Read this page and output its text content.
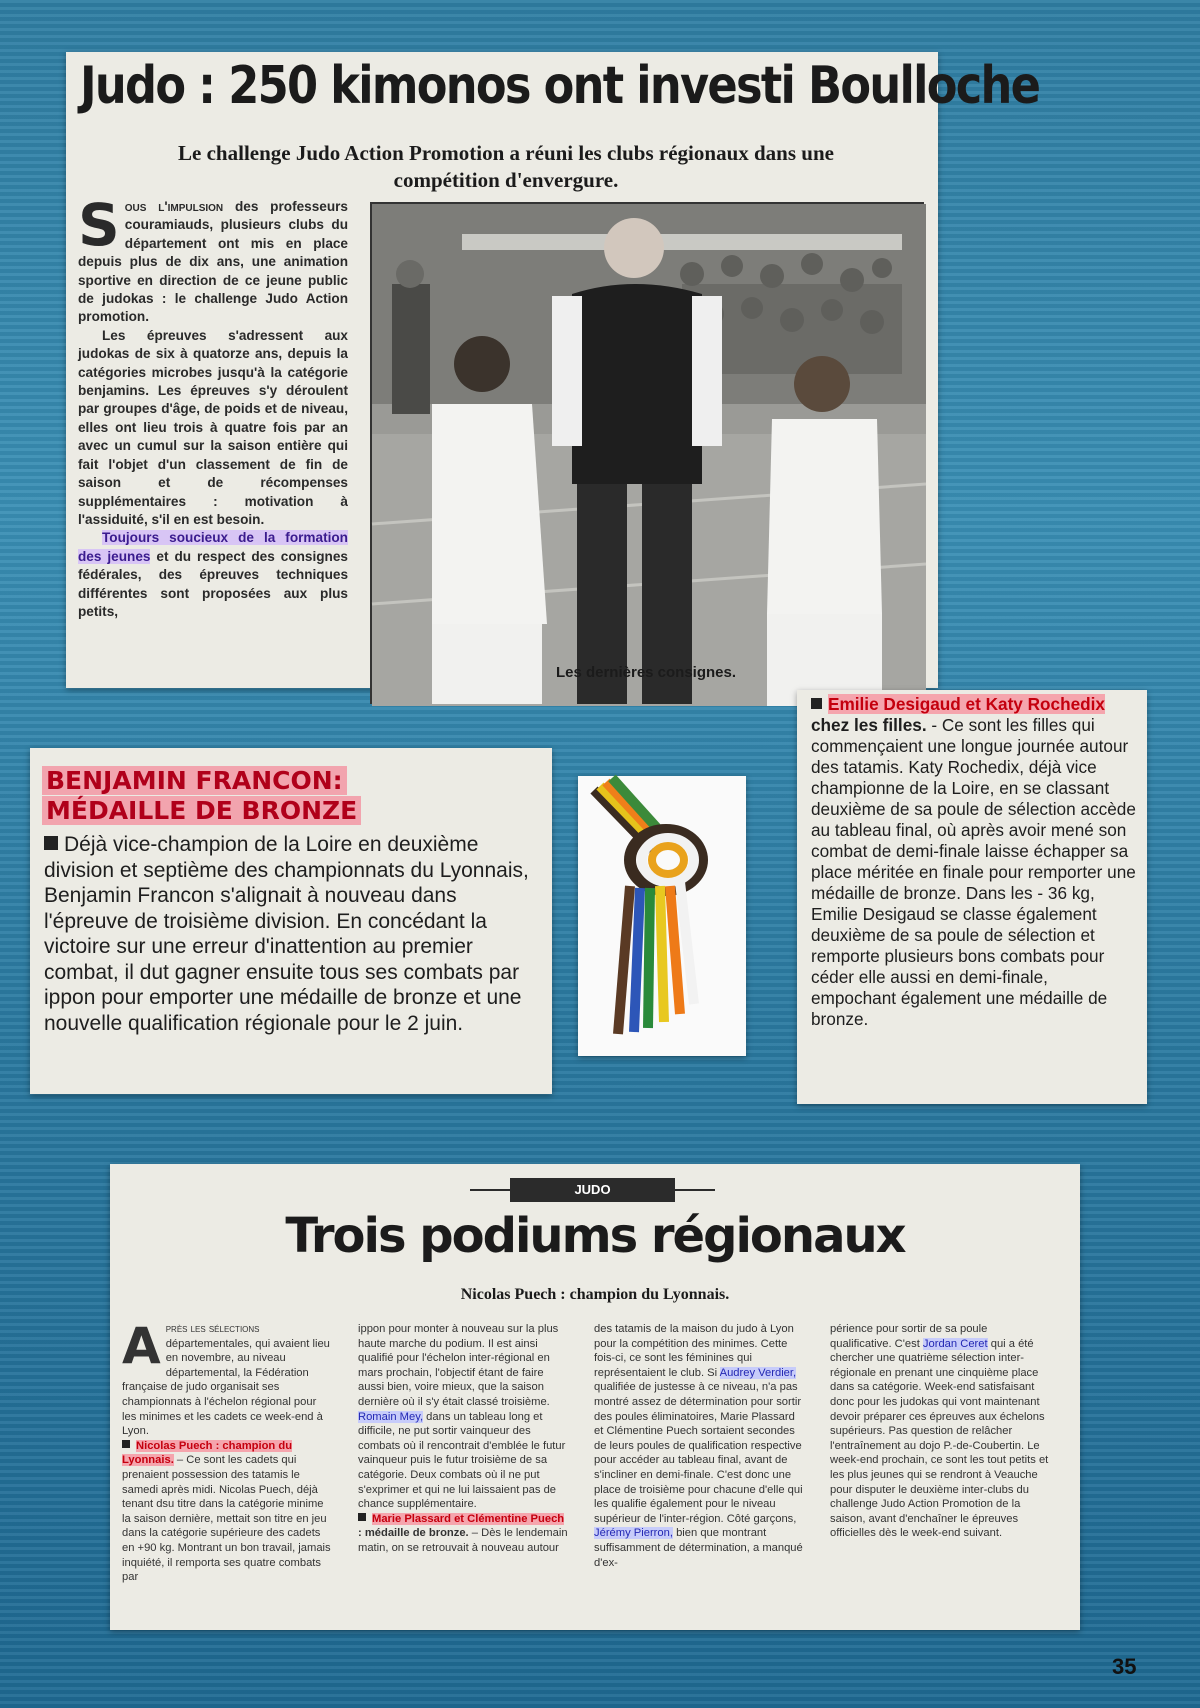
Judo : 250 kimonos ont investi Boulloche
Le challenge Judo Action Promotion a réuni les clubs régionaux dans une compétition d'envergure.
Sous l'impulsion des professeurs couramiauds, plusieurs clubs du département ont mis en place depuis plus de dix ans, une animation sportive en direction de ce jeune public de judokas : le challenge Judo Action promotion.

Les épreuves s'adressent aux judokas de six à quatorze ans, depuis la catégories microbes jusqu'à la catégorie benjamins. Les épreuves s'y déroulent par groupes d'âge, de poids et de niveau, elles ont lieu trois à quatre fois par an avec un cumul sur la saison entière qui fait l'objet d'un classement de fin de saison et de récompenses supplémentaires : motivation à l'assiduité, s'il en est besoin.

Toujours soucieux de la formation des jeunes et du respect des consignes fédérales, des épreuves techniques différentes sont proposées aux plus petits,

Les dernières consignes.
BENJAMIN FRANCON:
MÉDAILLE DE BRONZE
Déjà vice-champion de la Loire en deuxième division et septième des championnats du Lyonnais, Benjamin Francon s'alignait à nouveau dans l'épreuve de troisième division. En concédant la victoire sur une erreur d'inattention au premier combat, il dut gagner ensuite tous ses combats par ippon pour emporter une médaille de bronze et une nouvelle qualification régionale pour le 2 juin.
Emilie Desigaud et Katy Rochedix chez les filles. - Ce sont les filles qui commençaient une longue journée autour des tatamis. Katy Rochedix, déjà vice championne de la Loire, en se classant deuxième de sa poule de sélection accède au tableau final, où après avoir mené son combat de demi-finale laisse échapper sa place méritée en finale pour remporter une médaille de bronze. Dans les - 36 kg, Emilie Desigaud se classe également deuxième de sa poule de sélection et remporte plusieurs bons combats pour céder elle aussi en demi-finale, empochant également une médaille de bronze.
JUDO
Trois podiums régionaux
Nicolas Puech : champion du Lyonnais.
Après les sélections départementales, qui avaient lieu en novembre, au niveau départemental, la Fédération française de judo organisait ses championnats à l'échelon régional pour les minimes et les cadets ce week-end à Lyon.
Nicolas Puech : champion du Lyonnais. – Ce sont les cadets qui prenaient possession des tatamis le samedi après midi. Nicolas Puech, déjà tenant dsu titre dans la catégorie minime la saison dernière, mettait son titre en jeu dans la catégorie supérieure des cadets en +90 kg. Montrant un bon travail, jamais inquiété, il remporta ses quatre combats par
ippon pour monter à nouveau sur la plus haute marche du podium. Il est ainsi qualifié pour l'échelon inter-régional en mars prochain, l'objectif étant de faire aussi bien, voire mieux, que la saison dernière où il s'y était classé troisième. Romain Mey, dans un tableau long et difficile, ne put sortir vainqueur des combats où il rencontrait d'emblée le futur vainqueur puis le futur troisième de sa catégorie. Deux combats où il ne put s'exprimer et qui ne lui laissaient pas de chance supplémentaire.
Marie Plassard et Clémentine Puech : médaille de bronze. – Dès le lendemain matin, on se retrouvait à nouveau autour
des tatamis de la maison du judo à Lyon pour la compétition des minimes. Cette fois-ci, ce sont les féminines qui représentaient le club. Si Audrey Verdier, qualifiée de justesse à ce niveau, n'a pas montré assez de détermination pour sortir des poules éliminatoires, Marie Plassard et Clémentine Puech sortaient secondes de leurs poules de qualification respective pour accéder au tableau final, avant de s'incliner en demi-finale. C'est donc une place de troisième pour chacune d'elle qui les qualifie également pour le niveau supérieur de l'inter-région. Côté garçons, Jérémy Pierron, bien que montrant suffisamment de détermination, a manqué d'ex-
périence pour sortir de sa poule qualificative. C'est Jordan Ceret qui a été chercher une quatrième sélection inter-régionale en prenant une cinquième place dans sa catégorie. Week-end satisfaisant donc pour les judokas qui vont maintenant devoir préparer ces épreuves aux échelons supérieurs. Pas question de relâcher l'entraînement au dojo P.-de-Coubertin. Le week-end prochain, ce sont les tout petits et les plus jeunes qui se rendront à Veauche pour disputer le deuxième inter-clubs du challenge Judo Action Promotion de la saison, avant d'enchaîner le épreuves officielles dès le week-end suivant.
35
